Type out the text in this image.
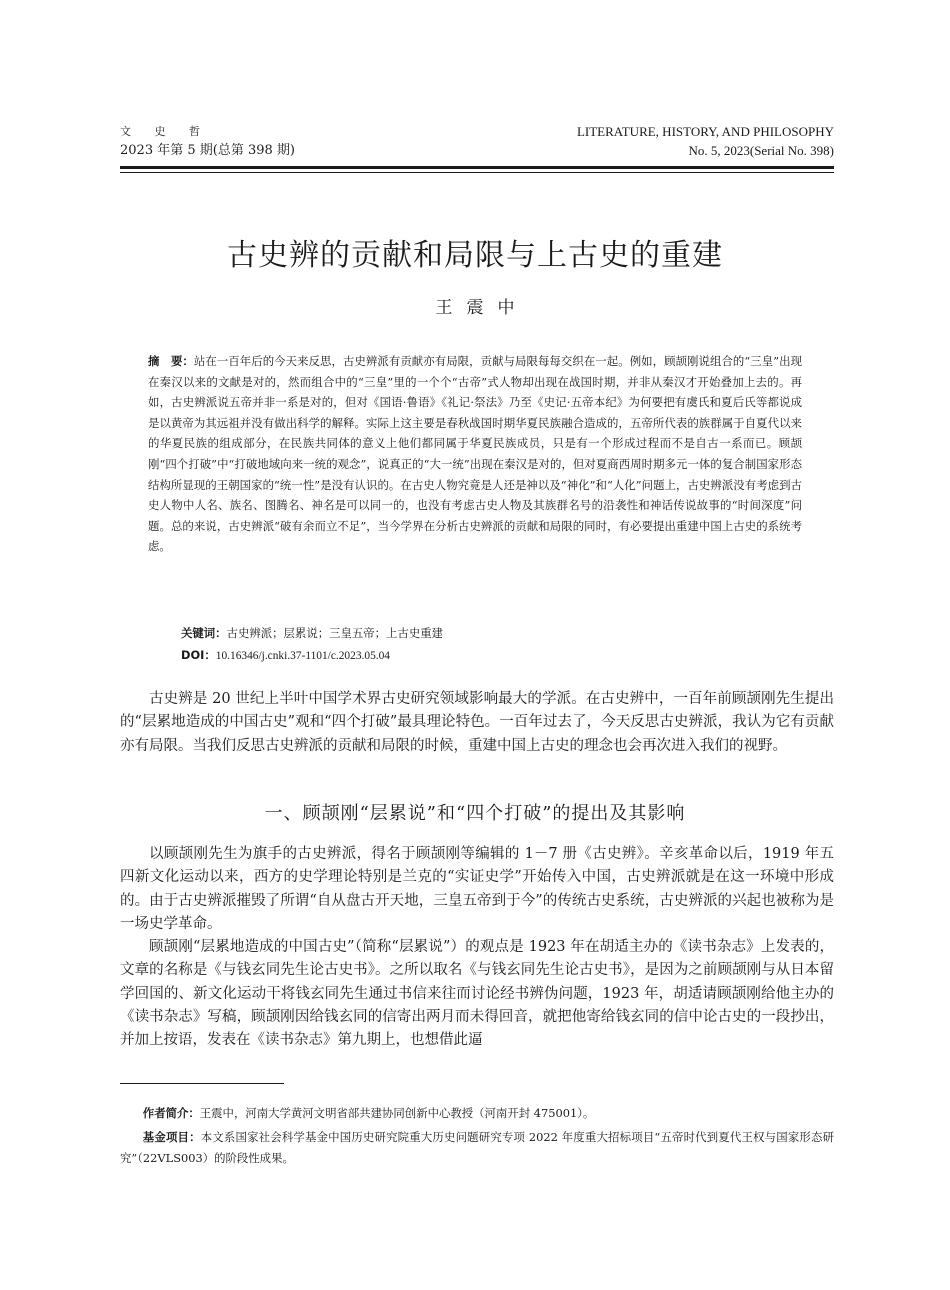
文 史 哲
2023 年第 5 期(总第 398 期)
LITERATURE, HISTORY, AND PHILOSOPHY
No. 5, 2023(Serial No. 398)
古史辨的贡献和局限与上古史的重建
王震中
摘　要：站在一百年后的今天来反思，古史辨派有贡献亦有局限，贡献与局限每每交织在一起。例如，顾颉刚说组合的“三皇”出现在秦汉以来的文献是对的，然而组合中的“三皇”里的一个个“古帝”式人物却出现在战国时期，并非从秦汉才开始叠加上去的。再如，古史辨派说五帝并非一系是对的，但对《国语·鲁语》《礼记·祭法》乃至《史记·五帝本纪》为何要把有虞氏和夏后氏等都说成是以黄帝为其远祖并没有做出科学的解释。实际上这主要是春秋战国时期华夏民族融合造成的，五帝所代表的族群属于自夏代以来的华夏民族的组成部分，在民族共同体的意义上他们都同属于华夏民族成员，只是有一个形成过程而不是自古一系而已。顾颉刚“四个打破”中“打破地域向来一统的观念”，说真正的“大一统”出现在秦汉是对的，但对夏商西周时期多元一体的复合制国家形态结构所显现的王朝国家的“统一性”是没有认识的。在古史人物究竟是人还是神以及“神化”和“人化”问题上，古史辨派没有考虑到古史人物中人名、族名、图腾名、神名是可以同一的，也没有考虑古史人物及其族群名号的沿袭性和神话传说故事的“时间深度”问题。总的来说，古史辨派“破有余而立不足”，当今学界在分析古史辨派的贡献和局限的同时，有必要提出重建中国上古史的系统考虑。
关键词：古史辨派；层累说；三皇五帝；上古史重建
DOI：10.16346/j.cnki.37-1101/c.2023.05.04
古史辨是 20 世纪上半叶中国学术界古史研究领域影响最大的学派。在古史辨中，一百年前顾颉刚先生提出的“层累地造成的中国古史”观和“四个打破”最具理论特色。一百年过去了，今天反思古史辨派，我认为它有贡献亦有局限。当我们反思古史辨派的贡献和局限的时候，重建中国上古史的理念也会再次进入我们的视野。
一、顾颉刚“层累说”和“四个打破”的提出及其影响
以顾颉刚先生为旗手的古史辨派，得名于顾颉刚等编辑的 1－7 册《古史辨》。辛亥革命以后，1919 年五四新文化运动以来，西方的史学理论特别是兰克的“实证史学”开始传入中国，古史辨派就是在这一环境中形成的。由于古史辨派摧毁了所谓“自从盘古开天地，三皇五帝到于今”的传统古史系统，古史辨派的兴起也被称为是一场史学革命。
顾颉刚“层累地造成的中国古史”（简称“层累说”）的观点是 1923 年在胡适主办的《读书杂志》上发表的，文章的名称是《与钱玄同先生论古史书》。之所以取名《与钱玄同先生论古史书》，是因为之前顾颉刚与从日本留学回国的、新文化运动干将钱玄同先生通过书信来往而讨论经书辨伪问题，1923 年，胡适请顾颉刚给他主办的《读书杂志》写稿，顾颉刚因给钱玄同的信寄出两月而未得回音，就把他寄给钱玄同的信中论古史的一段抄出，并加上按语，发表在《读书杂志》第九期上，也想借此逼
作者简介：王震中，河南大学黄河文明省部共建协同创新中心教授（河南开封 475001）。
基金项目：本文系国家社会科学基金中国历史研究院重大历史问题研究专项 2022 年度重大招标项目“五帝时代到夏代王权与国家形态研究”（22VLS003）的阶段性成果。
